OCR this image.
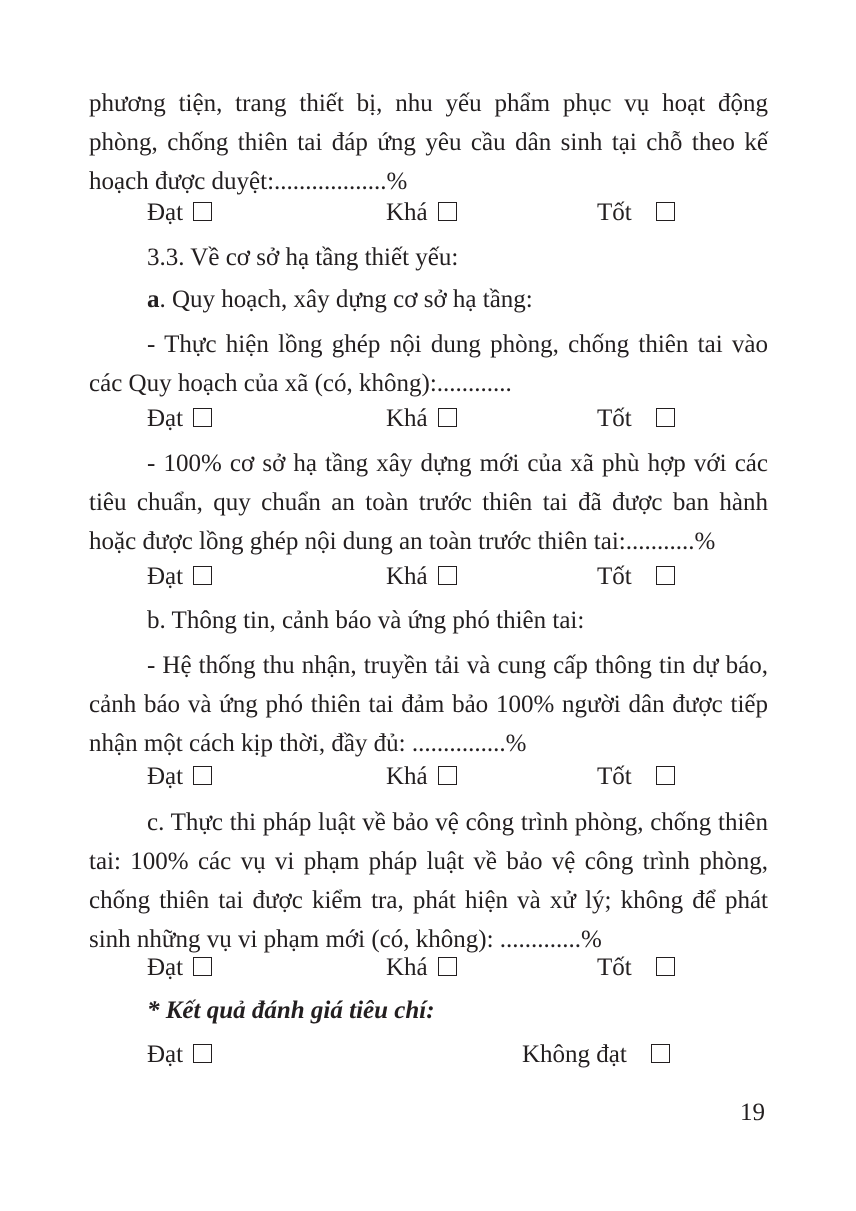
phương tiện, trang thiết bị, nhu yếu phẩm phục vụ hoạt động phòng, chống thiên tai đáp ứng yêu cầu dân sinh tại chỗ theo kế hoạch được duyệt:..................%

Đạt	Khá	Tốt

3.3. Về cơ sở hạ tầng thiết yếu:

a. Quy hoạch, xây dựng cơ sở hạ tầng:

- Thực hiện lồng ghép nội dung phòng, chống thiên tai vào các Quy hoạch của xã (có, không):............

Đạt	Khá	Tốt

- 100% cơ sở hạ tầng xây dựng mới của xã phù hợp với các tiêu chuẩn, quy chuẩn an toàn trước thiên tai đã được ban hành hoặc được lồng ghép nội dung an toàn trước thiên tai:...........%

Đạt	Khá	Tốt

b. Thông tin, cảnh báo và ứng phó thiên tai:

- Hệ thống thu nhận, truyền tải và cung cấp thông tin dự báo, cảnh báo và ứng phó thiên tai đảm bảo 100% người dân được tiếp nhận một cách kịp thời, đầy đủ: ...............%

Đạt	Khá	Tốt

c. Thực thi pháp luật về bảo vệ công trình phòng, chống thiên tai: 100% các vụ vi phạm pháp luật về bảo vệ công trình phòng, chống thiên tai được kiểm tra, phát hiện và xử lý; không để phát sinh những vụ vi phạm mới (có, không): .............%

Đạt	Khá	Tốt

* Kết quả đánh giá tiêu chí:

Đạt	Không đạt
19
